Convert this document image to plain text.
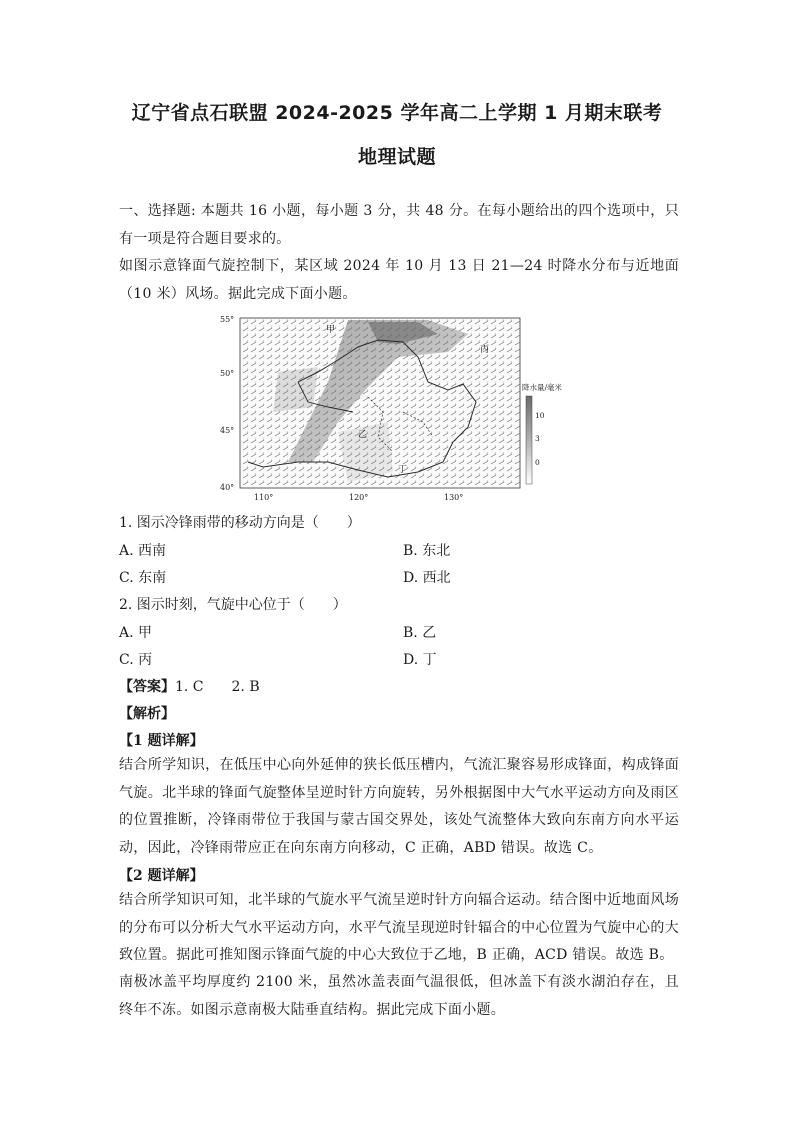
辽宁省点石联盟 2024-2025 学年高二上学期 1 月期末联考
地理试题
一、选择题: 本题共 16 小题，每小题 3 分，共 48 分。在每小题给出的四个选项中，只有一项是符合题目要求的。
如图示意锋面气旋控制下，某区域 2024 年 10 月 13 日 21—24 时降水分布与近地面（10 米）风场。据此完成下面小题。
甲
乙
丙
丁
55°
50°
45°
40°
110°	120°	130°
降水量/毫米
10
3
0
1. 图示冷锋雨带的移动方向是（　　）
A. 西南	B. 东北
C. 东南	D. 西北
2. 图示时刻，气旋中心位于（　　）
A. 甲	B. 乙
C. 丙	D. 丁
【答案】1. C　　2. B
【解析】
【1 题详解】
结合所学知识，在低压中心向外延伸的狭长低压槽内，气流汇聚容易形成锋面，构成锋面气旋。北半球的锋面气旋整体呈逆时针方向旋转，另外根据图中大气水平运动方向及雨区的位置推断，冷锋雨带位于我国与蒙古国交界处，该处气流整体大致向东南方向水平运动，因此，冷锋雨带应正在向东南方向移动，C 正确，ABD 错误。故选 C。
【2 题详解】
结合所学知识可知，北半球的气旋水平气流呈逆时针方向辐合运动。结合图中近地面风场的分布可以分析大气水平运动方向，水平气流呈现逆时针辐合的中心位置为气旋中心的大致位置。据此可推知图示锋面气旋的中心大致位于乙地，B 正确，ACD 错误。故选 B。
南极冰盖平均厚度约 2100 米，虽然冰盖表面气温很低，但冰盖下有淡水湖泊存在，且终年不冻。如图示意南极大陆垂直结构。据此完成下面小题。
